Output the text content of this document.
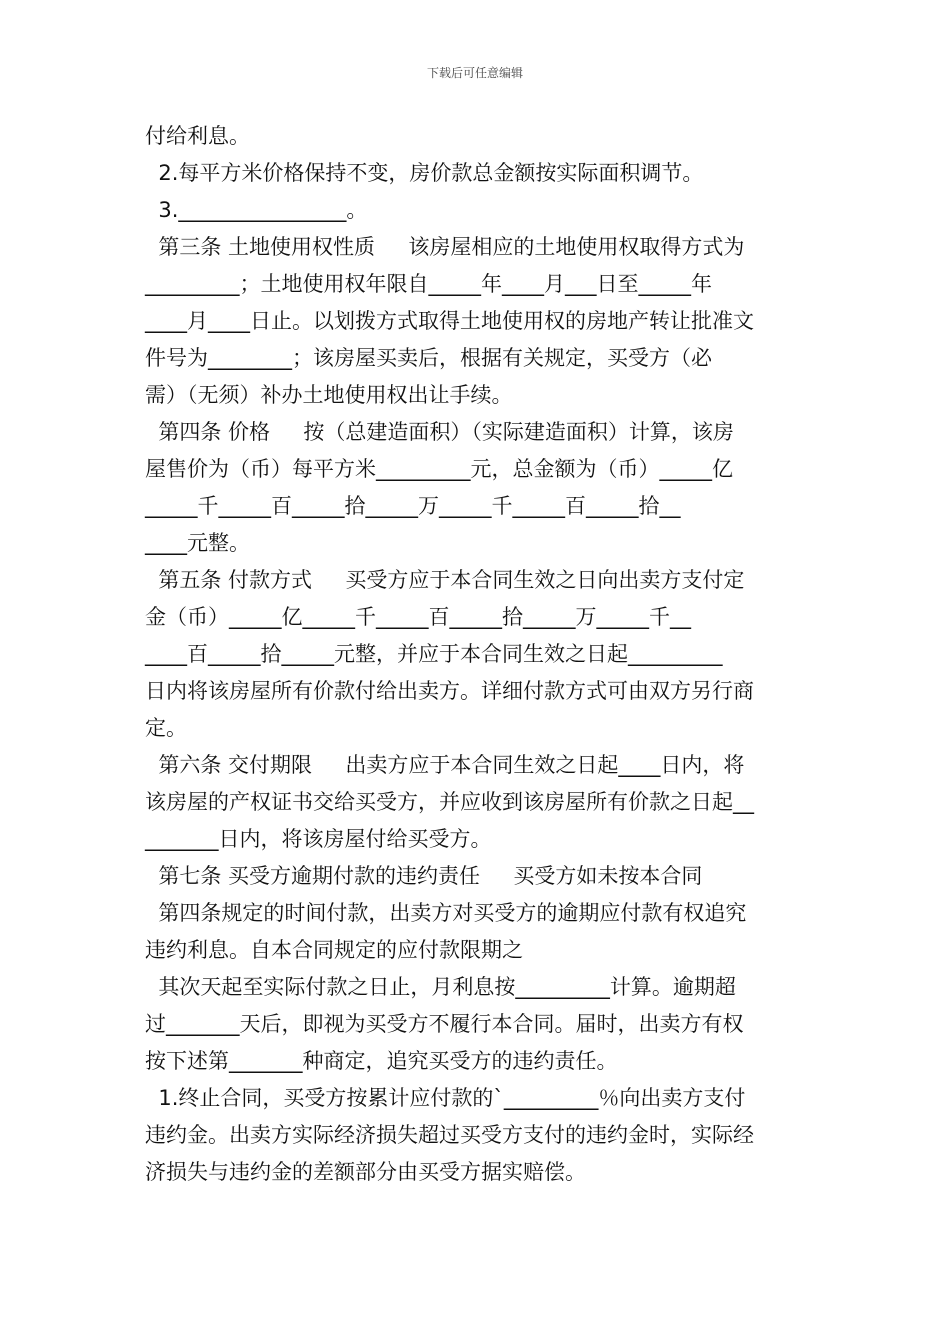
下载后可任意编辑
付给利息。
2.每平方米价格保持不变，房价款总金额按实际面积调节。
3.________________。
第三条 土地使用权性质     该房屋相应的土地使用权取得方式为
_________；土地使用权年限自_____年____月___日至_____年
____月____日止。以划拨方式取得土地使用权的房地产转让批准文
件号为________；该房屋买卖后，根据有关规定，买受方（必
需）（无须）补办土地使用权出让手续。
第四条 价格     按（总建造面积）（实际建造面积）计算，该房
屋售价为（币）每平方米_________元，总金额为（币）_____亿
_____千_____百_____拾_____万_____千_____百_____拾__
____元整。
第五条 付款方式     买受方应于本合同生效之日向出卖方支付定
金（币）_____亿_____千_____百_____拾_____万_____千__
____百_____拾_____元整，并应于本合同生效之日起_________
日内将该房屋所有价款付给出卖方。详细付款方式可由双方另行商
定。
第六条 交付期限     出卖方应于本合同生效之日起____日内，将
该房屋的产权证书交给买受方，并应收到该房屋所有价款之日起__
_______日内，将该房屋付给买受方。
第七条 买受方逾期付款的违约责任     买受方如未按本合同
第四条规定的时间付款，出卖方对买受方的逾期应付款有权追究
违约利息。自本合同规定的应付款限期之
其次天起至实际付款之日止，月利息按_________计算。逾期超
过_______天后，即视为买受方不履行本合同。届时，出卖方有权
按下述第_______种商定，追究买受方的违约责任。
1.终止合同，买受方按累计应付款的`_________％向出卖方支付
违约金。出卖方实际经济损失超过买受方支付的违约金时，实际经
济损失与违约金的差额部分由买受方据实赔偿。
